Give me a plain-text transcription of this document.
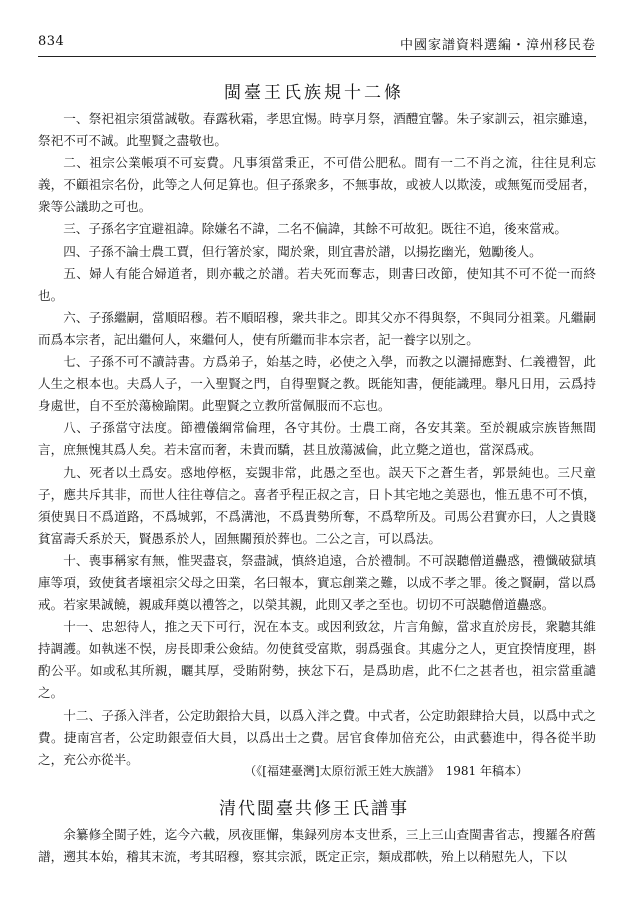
834	中國家譜資料選編・漳州移民卷
閩臺王氏族規十二條

一、祭祀祖宗須當誠敬。春露秋霜，孝思宜惕。時享月祭，酒醴宜馨。朱子家訓云，祖宗雖遠，祭祀不可不誠。此聖賢之盡敬也。

二、祖宗公業帳項不可妄費。凡事須當秉正，不可借公肥私。間有一二不肖之流，往往見利忘義，不顧祖宗名份，此等之人何足算也。但子孫衆多，不無事故，或被人以欺淩，或無冤而受屈者，衆等公議助之可也。

三、子孫名字宜避祖諱。除嫌名不諱，二名不偏諱，其餘不可故犯。既往不追，後來當戒。

四、子孫不論士農工賈，但行箸於家，聞於衆，則宜書於譜，以揚扢幽光，勉勵後人。

五、婦人有能合婦道者，則亦載之於譜。若夫死而奪志，則書曰改節，使知其不可不從一而終也。

六、子孫繼嗣，當順昭穆。若不順昭穆，衆共非之。即其父亦不得與祭，不與同分祖業。凡繼嗣而爲本宗者，記出繼何人，來繼何人，使有所繼而非本宗者，記一養字以别之。

七、子孫不可不讀詩書。方爲弟子，始基之時，必使之入學，而教之以灑掃應對、仁義禮智，此人生之根本也。夫爲人子，一入聖賢之門，自得聖賢之教。既能知書，便能識理。舉凡日用，云爲持身處世，自不至於蕩檢踰閑。此聖賢之立教所當佩服而不忘也。

八、子孫當守法度。節禮儀綱常倫理，各守其份。士農工商，各安其業。至於親戚宗族皆無間言，庶無愧其爲人矣。若未富而奢，未貴而驕，甚且放蕩滅倫，此立斃之道也，當深爲戒。

九、死者以土爲安。惑地停柩，妄覬非常，此愚之至也。誤天下之蒼生者，郭景純也。三尺童子，應共斥其非，而世人往往尊信之。喜者乎程正叔之言，日卜其宅地之美惡也，惟五患不可不慎，須使異日不爲道路，不爲城郭，不爲溝池，不爲貴勢所奪，不爲犂所及。司馬公君實亦曰，人之貴賤貧富壽夭系於天，賢愚系於人，固無關預於葬也。二公之言，可以爲法。

十、喪事稱家有無，惟哭盡哀，祭盡誠，慎終追遠，合於禮制。不可誤聽僧道蠱惑，禮懺破獄填庫等項，致使貧者壞祖宗父母之田業，名曰報本，實忘創業之難，以成不孝之罪。後之賢嗣，當以爲戒。若家果誠饒，親戚拜奠以禮答之，以榮其親，此則又孝之至也。切切不可誤聽僧道蠱惑。

十一、忠恕待人，推之天下可行，況在本支。或因利致忿，片言角鯨，當求直於房長，衆聽其維持調護。如執迷不悮，房長即秉公僉結。勿使貧受富欺，弱爲强食。其處分之人，更宜揆情度理，斟酌公平。如或私其所親，曬其厚，受賄附勢，挾忿下石，是爲助虐，此不仁之甚者也，祖宗當重譴之。

十二、子孫入泮者，公定助銀拾大員，以爲入泮之費。中式者，公定助銀肆拾大員，以爲中式之費。捷南宫者，公定助銀壹佰大員，以爲出士之費。居官食俸加倍充公，由武藝進中，得各從半助之，充公亦從半。

（《[福建臺灣]太原衍派王姓大族譜》　1981 年稿本）
清代閩臺共修王氏譜事

余纂修全閩子姓，迄今六載，夙夜匪懈，集録列房本支世系，三上三山查閩書省志，搜羅各府舊譜，遡其本始，稽其末流，考其昭穆，察其宗派，既定正宗，類成郡帙，殆上以稍慰先人，下以
